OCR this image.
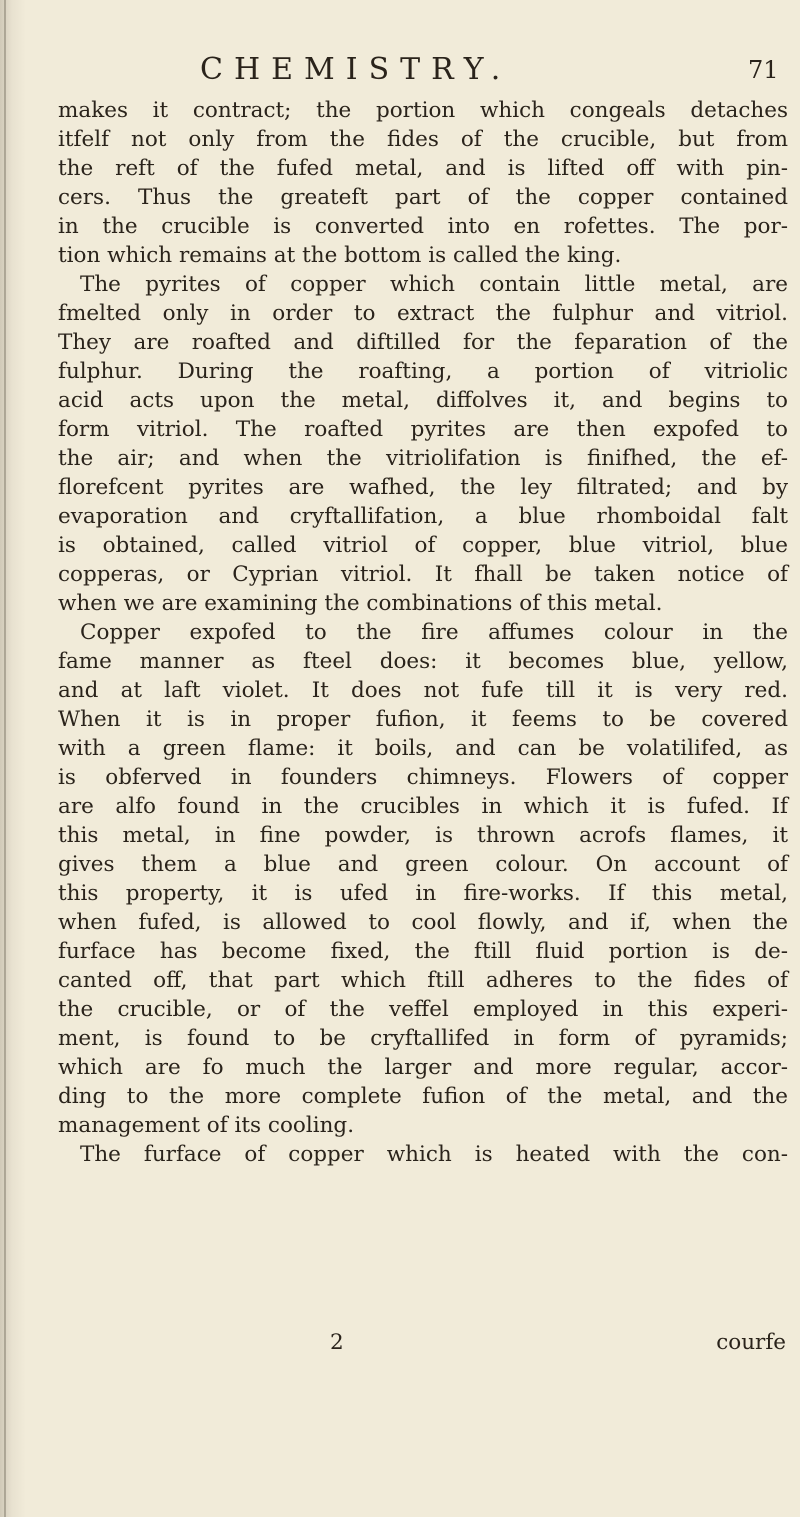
CHEMISTRY.	71
makes it contract; the portion which congeals detaches
itfelf not only from the fides of the crucible, but from
the reft of the fufed metal, and is lifted off with pin-
cers. Thus the greateft part of the copper contained
in the crucible is converted into en rofettes. The por-
tion which remains at the bottom is called the king.
The pyrites of copper which contain little metal, are
fmelted only in order to extract the fulphur and vitriol.
They are roafted and diftilled for the feparation of the
fulphur. During the roafting, a portion of vitriolic
acid acts upon the metal, diffolves it, and begins to
form vitriol. The roafted pyrites are then expofed to
the air; and when the vitriolifation is finifhed, the ef-
florefcent pyrites are wafhed, the ley filtrated; and by
evaporation and cryftallifation, a blue rhomboidal falt
is obtained, called vitriol of copper, blue vitriol, blue
copperas, or Cyprian vitriol. It fhall be taken notice of
when we are examining the combinations of this metal.
Copper expofed to the fire affumes colour in the
fame manner as fteel does: it becomes blue, yellow,
and at laft violet. It does not fufe till it is very red.
When it is in proper fufion, it feems to be covered
with a green flame: it boils, and can be volatilifed, as
is obferved in founders chimneys. Flowers of copper
are alfo found in the crucibles in which it is fufed. If
this metal, in fine powder, is thrown acrofs flames, it
gives them a blue and green colour. On account of
this property, it is ufed in fire-works. If this metal,
when fufed, is allowed to cool flowly, and if, when the
furface has become fixed, the ftill fluid portion is de-
canted off, that part which ftill adheres to the fides of
the crucible, or of the veffel employed in this experi-
ment, is found to be cryftallifed in form of pyramids;
which are fo much the larger and more regular, accor-
ding to the more complete fufion of the metal, and the
management of its cooling.
The furface of copper which is heated with the con-
2	courfe
